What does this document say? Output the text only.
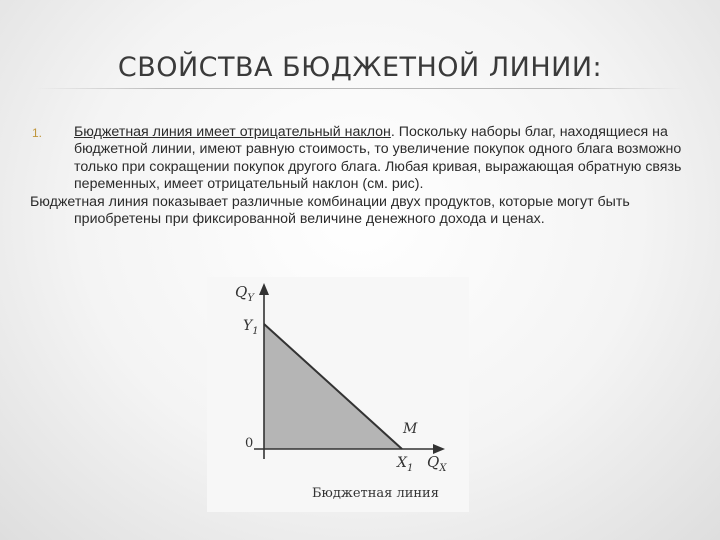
СВОЙСТВА БЮДЖЕТНОЙ ЛИНИИ:
1. Бюджетная линия имеет отрицательный наклон. Поскольку наборы благ, находящиеся на бюджетной линии, имеют равную стоимость, то увеличение покупок одного блага возможно только при сокращении покупок другого блага. Любая кривая, выражающая обратную связь переменных, имеет отрицательный наклон (см. рис).
Бюджетная линия показывает различные комбинации двух продуктов, которые могут быть приобретены при фиксированной величине денежного дохода и ценах.
$Q_Y$
$Y_1$
0
M
$X_1$ $Q_X$
Бюджетная линия
